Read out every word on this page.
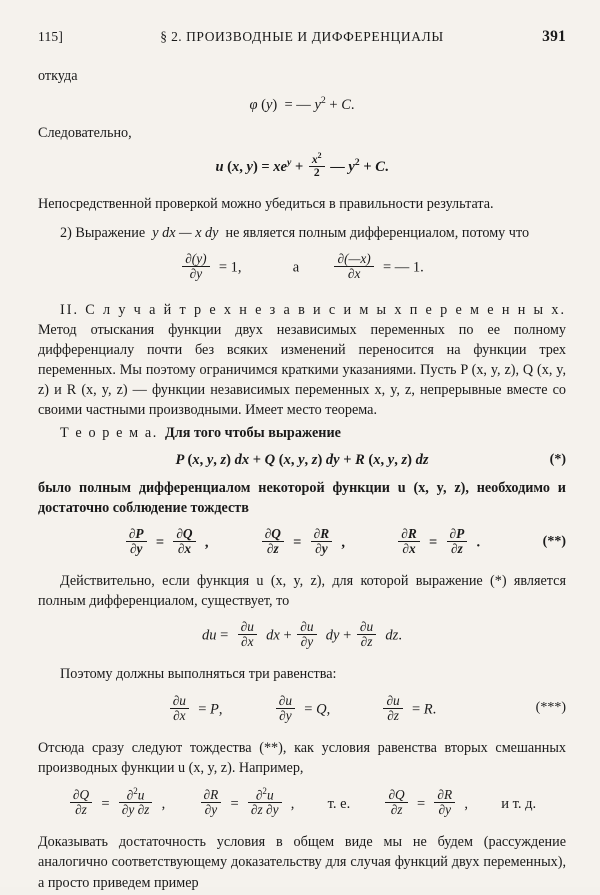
115]	§ 2. ПРОИЗВОДНЫЕ И ДИФФЕРЕНЦИАЛЫ	391

откуда

φ (y)  = — $y^2 + C$.

Следовательно,

u (x, $y) = xe^y + \frac{x^2}{2}$ — $y^2 + C$.

Непосредственной проверкой можно убедиться в правильности результата.

2) Выражение  y dx — x dy  не является полным дифференциалом, потому что

$\frac{\partial(y)}{\partial y} = 1$,	а	$\frac{\partial(—x)}{\partial x}$ = — 1.

II. С л у ч а й т р е х н е з а в и с и м ы х п е р е м е н н ы х. Метод отыскания функции двух независимых переменных по ее полному дифференциалу почти без всяких изменений переносится на функции трех переменных. Мы поэтому ограничимся краткими указаниями. Пусть P (x, y, z), Q (x, y, z) и R (x, y, z) — функции независимых переменных x, y, z, непрерывные вместе со своими частными производными. Имеет место теорема.

Т е о р е м а. Для того чтобы выражение

P (x, y, z) dx + Q (x, y, z) dy + R (x, y, z) dz	(*)

было полным дифференциалом некоторой функции u (x, y, z), необходимо и достаточно соблюдение тождеств

$\frac{\partial P}{\partial y} = \frac{\partial Q}{\partial x}$ ,	$\frac{\partial Q}{\partial z} = \frac{\partial R}{\partial y}$ ,	$\frac{\partial R}{\partial x} = \frac{\partial P}{\partial z}$ .	(**)

Действительно, если функция u (x, y, z), для которой выражение (*) является полным дифференциалом, существует, то

du = $\frac{\partial u}{\partial x}$ dx + $\frac{\partial u}{\partial y}$ dy + $\frac{\partial u}{\partial z}$ dz.

Поэтому должны выполняться три равенства:

$\frac{\partial u}{\partial x} = P$,	$\frac{\partial u}{\partial y} = Q$,	$\frac{\partial u}{\partial z} = R$.	(***)

Отсюда сразу следуют тождества (**), как условия равенства вторых смешанных производных функции u (x, y, z). Например,

$\frac{\partial Q}{\partial z} = \frac{\partial^2u}{\partial y \partial z}$ ,	$\frac{\partial R}{\partial y} = \frac{\partial^2u}{\partial z \partial y}$ , т. е.	$\frac{\partial Q}{\partial z} = \frac{\partial R}{\partial y}$ , и т. д.

Доказывать достаточность условия в общем виде мы не будем (рассуждение аналогично соответствующему доказательству для случая функций двух переменных), а просто приведем пример
